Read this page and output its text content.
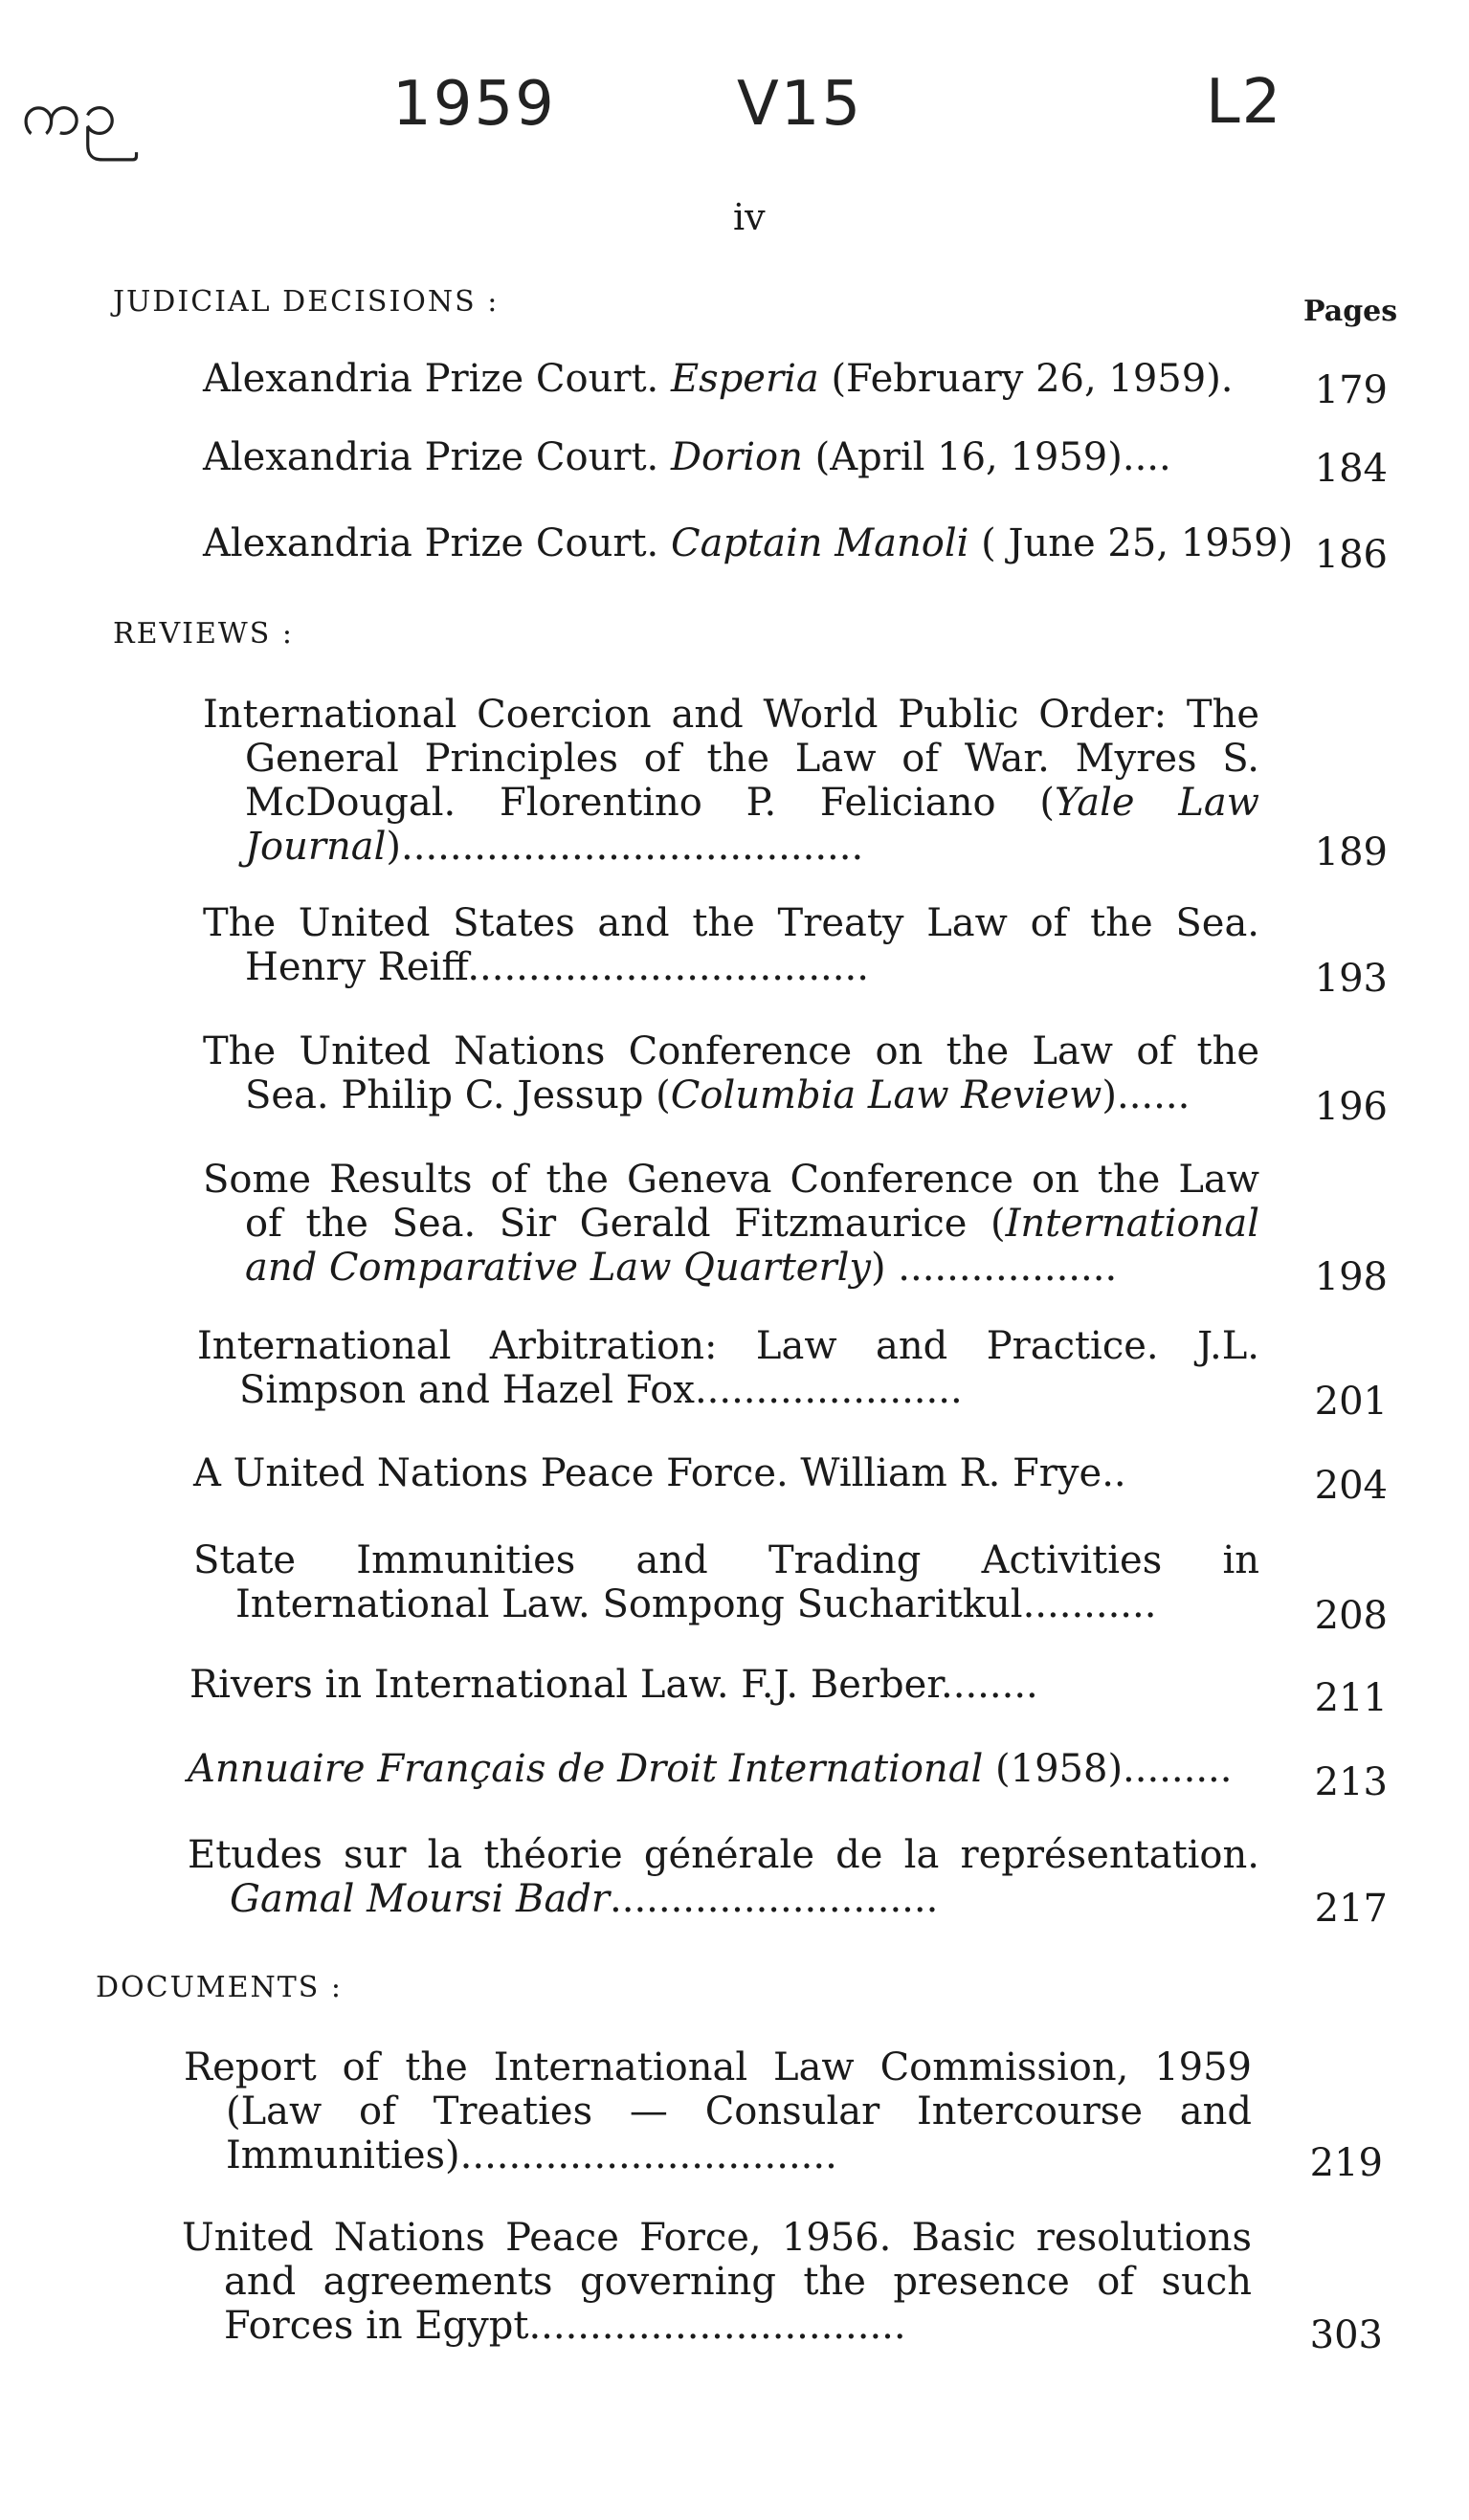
ကဉ	1959	V15	L2
iv
JUDICIAL DECISIONS :	Pages
Alexandria Prize Court. Esperia (February 26, 1959).	179
Alexandria Prize Court. Dorion (April 16, 1959)....	184
Alexandria Prize Court. Captain Manoli ( June 25, 1959) 186
REVIEWS :
International Coercion and World Public Order: The General Principles of the Law of War. Myres S. McDougal. Florentino P. Feliciano (Yale Law Journal)......................................	189
The United States and the Treaty Law of the Sea. Henry Reiff.................................	193
The United Nations Conference on the Law of the Sea. Philip C. Jessup (Columbia Law Review)......	196
Some Results of the Geneva Conference on the Law of the Sea. Sir Gerald Fitzmaurice (International and Comparative Law Quarterly) ..................	198
International Arbitration: Law and Practice. J.L. Simpson and Hazel Fox......................	201
A United Nations Peace Force. William R. Frye..	204
State Immunities and Trading Activities in International Law. Sompong Sucharitkul...........	208
Rivers in International Law. F.J. Berber........	211
Annuaire Français de Droit International (1958).........	213
Etudes sur la théorie générale de la représentation. Gamal Moursi Badr...........................	217
DOCUMENTS :
Report of the International Law Commission, 1959 (Law of Treaties — Consular Intercourse and Immunities)...............................	219
United Nations Peace Force, 1956. Basic resolutions and agreements governing the presence of such Forces in Egypt...............................	303
